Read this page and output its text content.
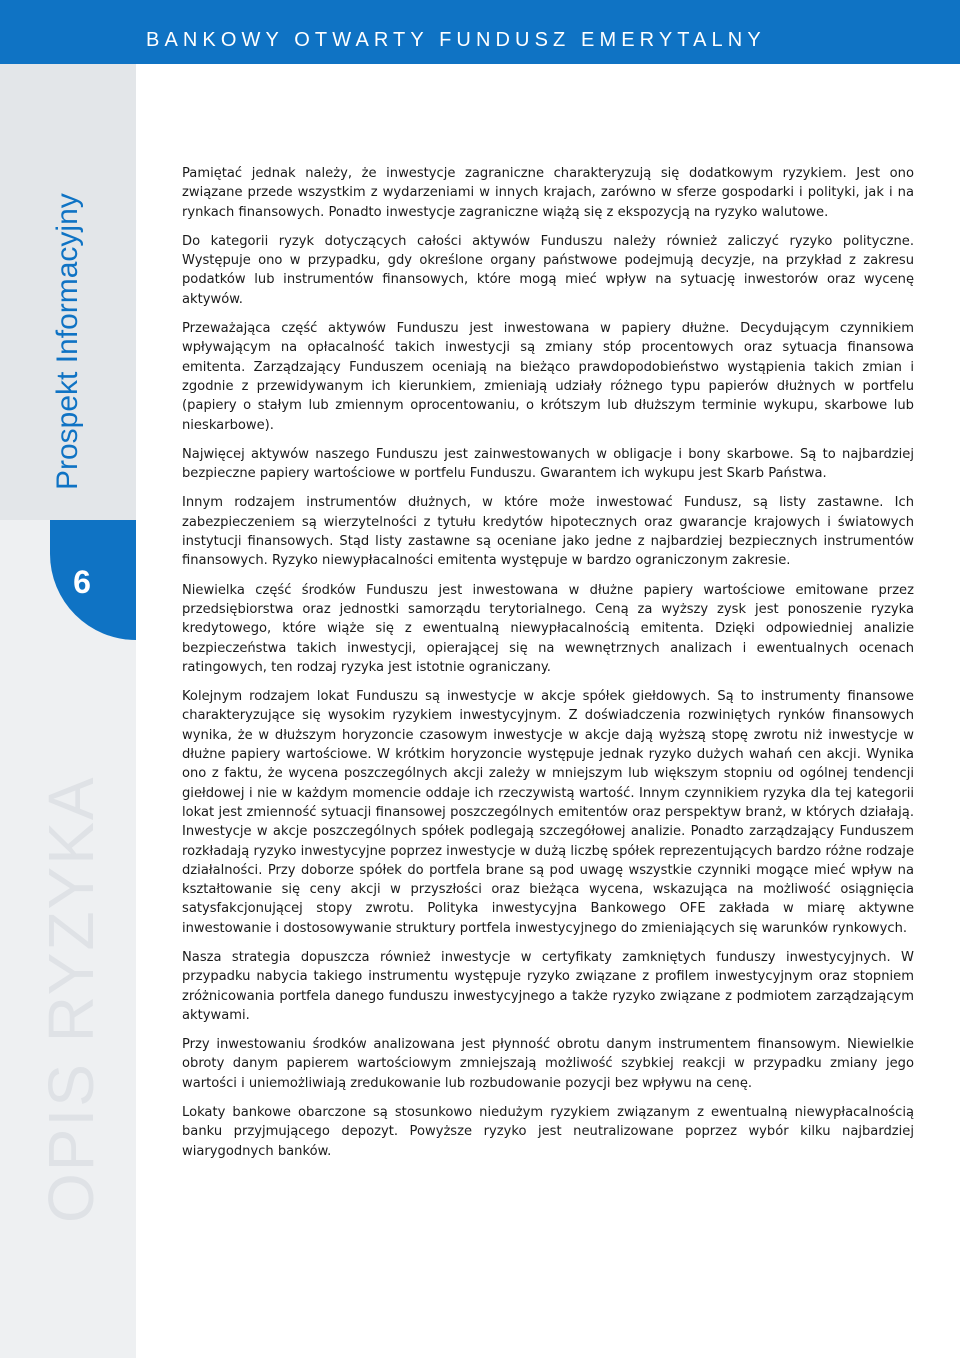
BANKOWY OTWARTY FUNDUSZ EMERYTALNY
6

Pamiętać jednak należy, że inwestycje zagraniczne charakteryzują się dodatkowym ryzykiem. Jest ono związane przede wszystkim z wydarzeniami w innych krajach, zarówno w sferze gospodarki i polityki, jak i na rynkach finansowych. Ponadto inwestycje zagraniczne wiążą się z ekspozycją na ryzyko walutowe.

Do kategorii ryzyk dotyczących całości aktywów Funduszu należy również zaliczyć ryzyko polityczne. Występuje ono w przypadku, gdy określone organy państwowe podejmują decyzje, na przykład z zakresu podatków lub instrumentów finansowych, które mogą mieć wpływ na sytuację inwestorów oraz wycenę aktywów.

Przeważająca część aktywów Funduszu jest inwestowana w papiery dłużne. Decydującym czynnikiem wpływającym na opłacalność takich inwestycji są zmiany stóp procentowych oraz sytuacja finansowa emitenta. Zarządzający Funduszem oceniają na bieżąco prawdopodobieństwo wystąpienia takich zmian i zgodnie z przewidywanym ich kierunkiem, zmieniają udziały różnego typu papierów dłużnych w portfelu (papiery o stałym lub zmiennym oprocentowaniu, o krótszym lub dłuższym terminie wykupu, skarbowe lub nieskarbowe).

Najwięcej aktywów naszego Funduszu jest zainwestowanych w obligacje i bony skarbowe. Są to najbardziej bezpieczne papiery wartościowe w portfelu Funduszu. Gwarantem ich wykupu jest Skarb Państwa.

Innym rodzajem instrumentów dłużnych, w które może inwestować Fundusz, są listy zastawne. Ich zabezpieczeniem są wierzytelności z tytułu kredytów hipotecznych oraz gwarancje krajowych i światowych instytucji finansowych. Stąd listy zastawne są oceniane jako jedne z najbardziej bezpiecznych instrumentów finansowych. Ryzyko niewypłacalności emitenta występuje w bardzo ograniczonym zakresie.

Niewielka część środków Funduszu jest inwestowana w dłużne papiery wartościowe emitowane przez przedsiębiorstwa oraz jednostki samorządu terytorialnego. Ceną za wyższy zysk jest ponoszenie ryzyka kredytowego, które wiąże się z ewentualną niewypłacalnością emitenta. Dzięki odpowiedniej analizie bezpieczeństwa takich inwestycji, opierającej się na wewnętrznych analizach i ewentualnych ocenach ratingowych, ten rodzaj ryzyka jest istotnie ograniczany.

Kolejnym rodzajem lokat Funduszu są inwestycje w akcje spółek giełdowych. Są to instrumenty finansowe charakteryzujące się wysokim ryzykiem inwestycyjnym. Z doświadczenia rozwiniętych rynków finansowych wynika, że w dłuższym horyzoncie czasowym inwestycje w akcje dają wyższą stopę zwrotu niż inwestycje w dłużne papiery wartościowe. W krótkim horyzoncie występuje jednak ryzyko dużych wahań cen akcji. Wynika ono z faktu, że wycena poszczególnych akcji zależy w mniejszym lub większym stopniu od ogólnej tendencji giełdowej i nie w każdym momencie oddaje ich rzeczywistą wartość. Innym czynnikiem ryzyka dla tej kategorii lokat jest zmienność sytuacji finansowej poszczególnych emitentów oraz perspektyw branż, w których działają. Inwestycje w akcje poszczególnych spółek podlegają szczegółowej analizie. Ponadto zarządzający Funduszem rozkładają ryzyko inwestycyjne poprzez inwestycje w dużą liczbę spółek reprezentujących bardzo różne rodzaje działalności. Przy doborze spółek do portfela brane są pod uwagę wszystkie czynniki mogące mieć wpływ na kształtowanie się ceny akcji w przyszłości oraz bieżąca wycena, wskazująca na możliwość osiągnięcia satysfakcjonującej stopy zwrotu. Polityka inwestycyjna Bankowego OFE zakłada w miarę aktywne inwestowanie i dostosowywanie struktury portfela inwestycyjnego do zmieniających się warunków rynkowych.

Nasza strategia dopuszcza również inwestycje w certyfikaty zamkniętych funduszy inwestycyjnych. W przypadku nabycia takiego instrumentu występuje ryzyko związane z profilem inwestycyjnym oraz stopniem zróżnicowania portfela danego funduszu inwestycyjnego a także ryzyko związane z podmiotem zarządzającym aktywami.

Przy inwestowaniu środków analizowana jest płynność obrotu danym instrumentem finansowym. Niewielkie obroty danym papierem wartościowym zmniejszają możliwość szybkiej reakcji w przypadku zmiany jego wartości i uniemożliwiają zredukowanie lub rozbudowanie pozycji bez wpływu na cenę.

Lokaty bankowe obarczone są stosunkowo niedużym ryzykiem związanym z ewentualną niewypłacalnością banku przyjmującego depozyt. Powyższe ryzyko jest neutralizowane poprzez wybór kilku najbardziej wiarygodnych banków.
